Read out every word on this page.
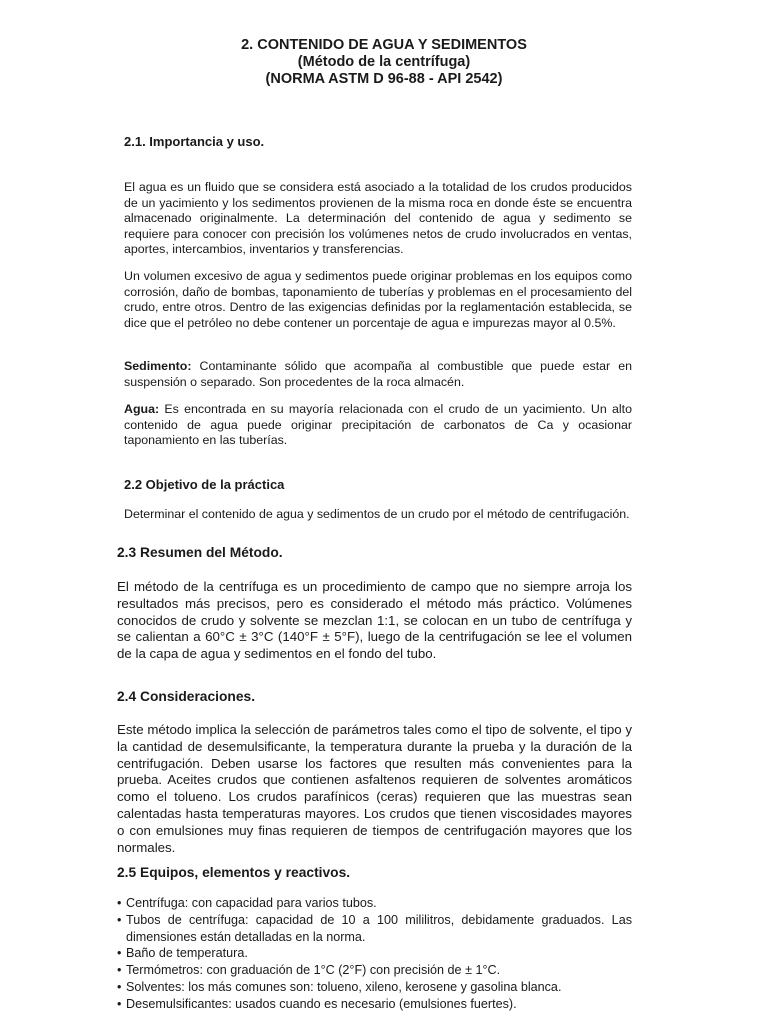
2. CONTENIDO DE AGUA Y SEDIMENTOS
(Método de la centrífuga)
(NORMA ASTM D 96-88 - API 2542)
2.1. Importancia y uso.

El agua es un fluido que se considera está asociado a la totalidad de los crudos producidos de un yacimiento y los sedimentos provienen de la misma roca en donde éste se encuentra almacenado originalmente. La determinación del contenido de agua y sedimento se requiere para conocer con precisión los volúmenes netos de crudo involucrados en ventas, aportes, intercambios, inventarios y transferencias.

Un volumen excesivo de agua y sedimentos puede originar problemas en los equipos como corrosión, daño de bombas, taponamiento de tuberías y problemas en el procesamiento del crudo, entre otros. Dentro de las exigencias definidas por la reglamentación establecida, se dice que el petróleo no debe contener un porcentaje de agua e impurezas mayor al 0.5%.

Sedimento: Contaminante sólido que acompaña al combustible que puede estar en suspensión o separado. Son procedentes de la roca almacén.

Agua: Es encontrada en su mayoría relacionada con el crudo de un yacimiento. Un alto contenido de agua puede originar precipitación de carbonatos de Ca y ocasionar taponamiento en las tuberías.

2.2 Objetivo de la práctica

Determinar el contenido de agua y sedimentos de un crudo por el método de centrifugación.

2.3 Resumen del Método.

El método de la centrífuga es un procedimiento de campo que no siempre arroja los resultados más precisos, pero es considerado el método más práctico. Volúmenes conocidos de crudo y solvente se mezclan 1:1, se colocan en un tubo de centrífuga y se calientan a 60°C ± 3°C (140°F ± 5°F), luego de la centrifugación se lee el volumen de la capa de agua y sedimentos en el fondo del tubo.

2.4 Consideraciones.

Este método implica la selección de parámetros tales como el tipo de solvente, el tipo y la cantidad de desemulsificante, la temperatura durante la prueba y la duración de la centrifugación. Deben usarse los factores que resulten más convenientes para la prueba. Aceites crudos que contienen asfaltenos requieren de solventes aromáticos como el tolueno. Los crudos parafínicos (ceras) requieren que las muestras sean calentadas hasta temperaturas mayores. Los crudos que tienen viscosidades mayores o con emulsiones muy finas requieren de tiempos de centrifugación mayores que los normales.

2.5 Equipos, elementos y reactivos.
• Centrífuga: con capacidad para varios tubos.
• Tubos de centrífuga: capacidad de 10 a 100 mililitros, debidamente graduados. Las dimensiones están detalladas en la norma.
• Baño de temperatura.
• Termómetros: con graduación de 1°C (2°F) con precisión de ± 1°C.
• Solventes: los más comunes son: tolueno, xileno, kerosene y gasolina blanca.
• Desemulsificantes: usados cuando es necesario (emulsiones fuertes).
